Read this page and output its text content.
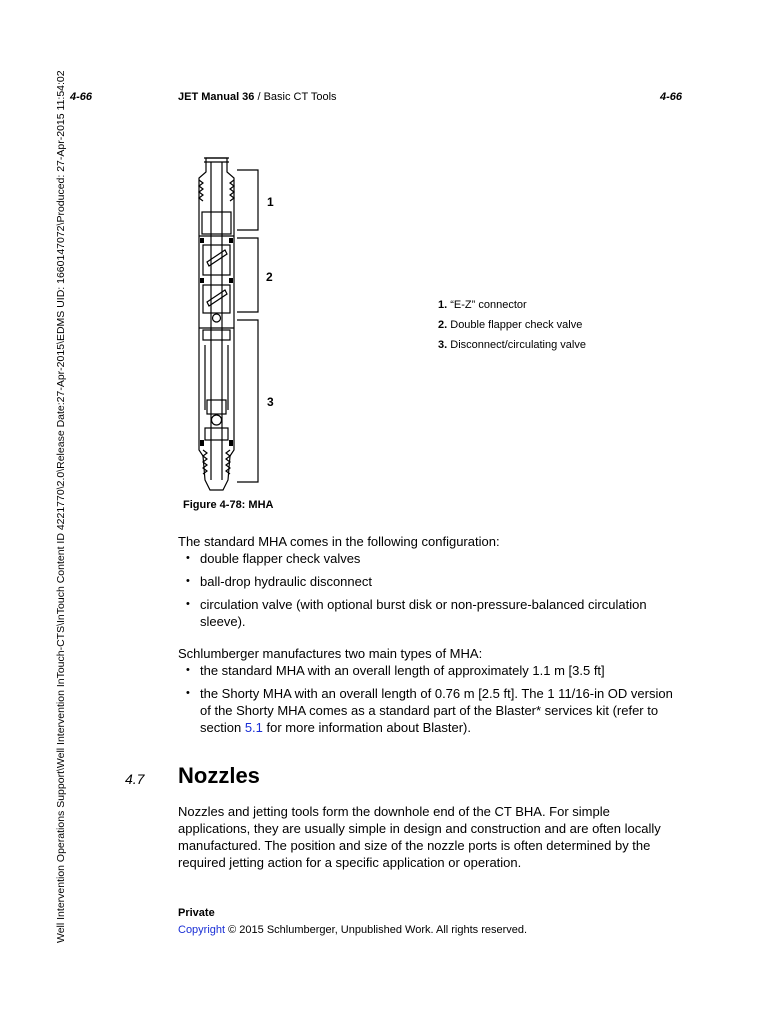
4-66	JET Manual 36 / Basic CT Tools	4-66
Well Intervention Operations Support\Well Intervention InTouch-CTS\InTouch Content ID 4221770\2.0\Release Date:27-Apr-2015\EDMS UID: 1660147072\Produced: 27-Apr-2015 11:54:02	1
2
3
1. “E-Z” connector
2. Double flapper check valve
3. Disconnect/circulating valve
Figure 4-78: MHA
The standard MHA comes in the following configuration:
• double flapper check valves
• ball-drop hydraulic disconnect
• circulation valve (with optional burst disk or non-pressure-balanced circulation sleeve).
Schlumberger manufactures two main types of MHA:
• the standard MHA with an overall length of approximately 1.1 m [3.5 ft]
• the Shorty MHA with an overall length of 0.76 m [2.5 ft]. The 1 11/16-in OD version of the Shorty MHA comes as a standard part of the Blaster* services kit (refer to section 5.1 for more information about Blaster).
4.7 Nozzles
Nozzles and jetting tools form the downhole end of the CT BHA. For simple applications, they are usually simple in design and construction and are often locally manufactured. The position and size of the nozzle ports is often determined by the required jetting action for a specific application or operation.
Private
Copyright © 2015 Schlumberger, Unpublished Work. All rights reserved.
